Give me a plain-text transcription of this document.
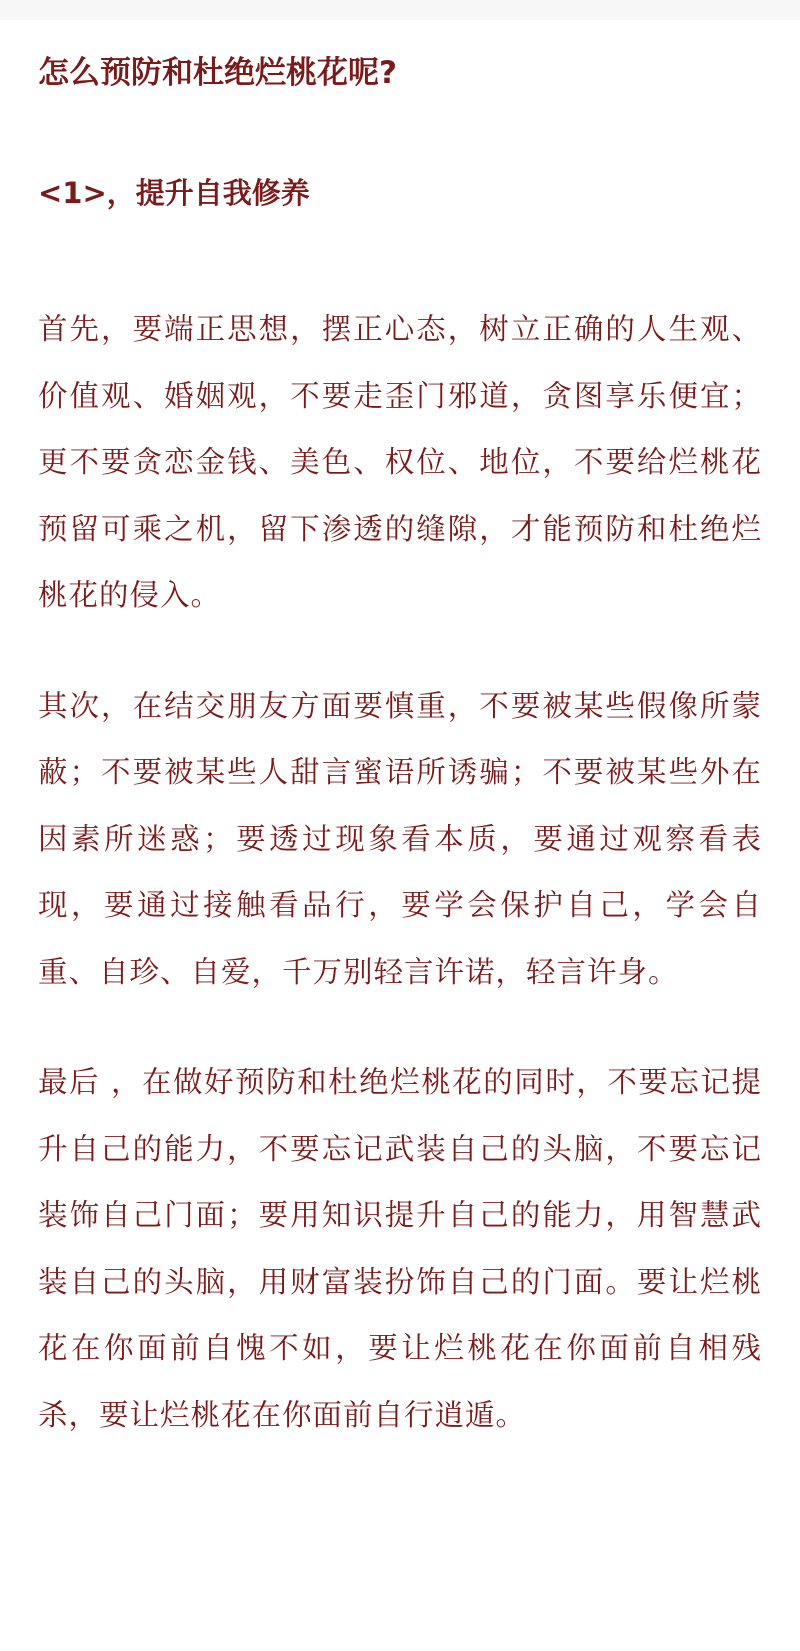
怎么预防和杜绝烂桃花呢?
<1>，提升自我修养

首先，要端正思想，摆正心态，树立正确的人生观、价值观、婚姻观，不要走歪门邪道，贪图享乐便宜；更不要贪恋金钱、美色、权位、地位，不要给烂桃花预留可乘之机，留下渗透的缝隙，才能预防和杜绝烂桃花的侵入。

其次，在结交朋友方面要慎重，不要被某些假像所蒙蔽；不要被某些人甜言蜜语所诱骗；不要被某些外在因素所迷惑；要透过现象看本质，要通过观察看表现，要通过接触看品行，要学会保护自己，学会自重、自珍、自爱，千万别轻言许诺，轻言许身。

最后 ，在做好预防和杜绝烂桃花的同时，不要忘记提升自己的能力，不要忘记武装自己的头脑，不要忘记装饰自己门面；要用知识提升自己的能力，用智慧武装自己的头脑，用财富装扮饰自己的门面。要让烂桃花在你面前自愧不如，要让烂桃花在你面前自相残杀，要让烂桃花在你面前自行逍遁。
